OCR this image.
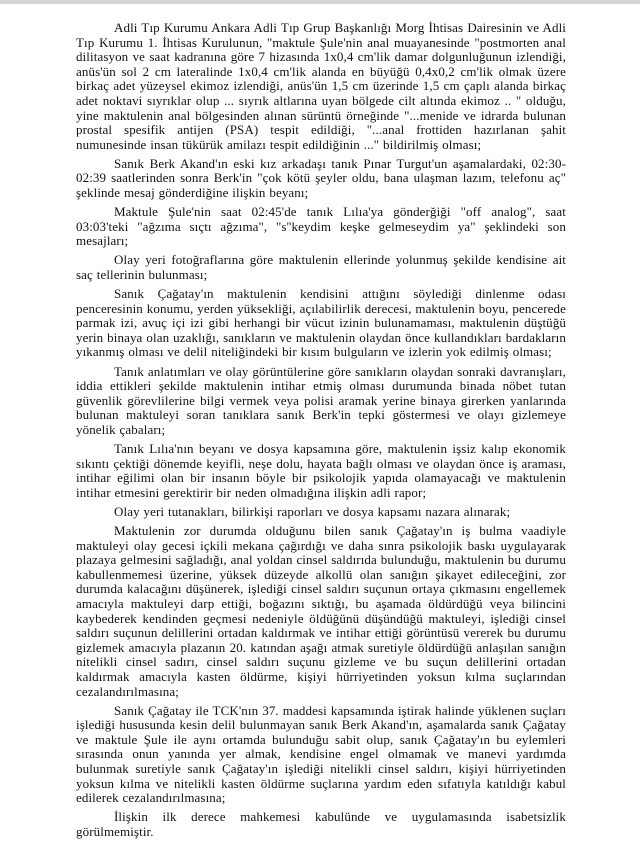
Adli Tıp Kurumu Ankara Adli Tıp Grup Başkanlığı Morg İhtisas Dairesinin ve Adli Tıp Kurumu 1. İhtisas Kurulunun, "maktule Şule'nin anal muayanesinde "postmorten anal dilitasyon ve saat kadranına göre 7 hizasında 1x0,4 cm'lik damar dolgunluğunun izlendiği, anüs'ün sol 2 cm lateralinde 1x0,4 cm'lik alanda en büyüğü 0,4x0,2 cm'lik olmak üzere birkaç adet yüzeysel ekimoz izlendiği, anüs'ün 1,5 cm üzerinde 1,5 cm çaplı alanda birkaç adet noktavi sıyrıklar olup ... sıyrık altlarına uyan bölgede cilt altında ekimoz .. " olduğu, yine maktulenin anal bölgesinden alınan sürüntü örneğinde "...menide ve idrarda bulunan prostal spesifik antijen (PSA) tespit edildiği, "...anal frottiden hazırlanan şahit numunesinde insan tükürük amilazı tespit edildiğinin ..." bildirilmiş olması;

Sanık Berk Akand'ın eski kız arkadaşı tanık Pınar Turgut'un aşamalardaki, 02:30-02:39 saatlerinden sonra Berk'in "çok kötü şeyler oldu, bana ulaşman lazım, telefonu aç" şeklinde mesaj gönderdiğine ilişkin beyanı;

Maktule Şule'nin saat 02:45'de tanık Lılıa'ya gönderğiği "off analog", saat 03:03'teki "ağzıma sıçtı ağzıma", "s''keydim keşke gelmeseydim ya" şeklindeki son mesajları;

Olay yeri fotoğraflarına göre maktulenin ellerinde yolunmuş şekilde kendisine ait saç tellerinin bulunması;

Sanık Çağatay'ın maktulenin kendisini attığını söylediği dinlenme odası penceresinin konumu, yerden yüksekliği, açılabilirlik derecesi, maktulenin boyu, pencerede parmak izi, avuç içi izi gibi herhangi bir vücut izinin bulunamaması, maktulenin düştüğü yerin binaya olan uzaklığı, sanıkların ve maktulenin olaydan önce kullandıkları bardakların yıkanmış olması ve delil niteliğindeki bir kısım bulguların ve izlerin yok edilmiş olması;

Tanık anlatımları ve olay görüntülerine göre sanıkların olaydan sonraki davranışları, iddia ettikleri şekilde maktulenin intihar etmiş olması durumunda binada nöbet tutan güvenlik görevlilerine bilgi vermek veya polisi aramak yerine binaya girerken yanlarında bulunan maktuleyi soran tanıklara sanık Berk'in tepki göstermesi ve olayı gizlemeye yönelik çabaları;

Tanık Lılıa'nın beyanı ve dosya kapsamına göre, maktulenin işsiz kalıp ekonomik sıkıntı çektiği dönemde keyifli, neşe dolu, hayata bağlı olması ve olaydan önce iş araması, intihar eğilimi olan bir insanın böyle bir psikolojik yapıda olamayacağı ve maktulenin intihar etmesini gerektirir bir neden olmadığına ilişkin adli rapor;

Olay yeri tutanakları, bilirkişi raporları ve dosya kapsamı nazara alınarak;

Maktulenin zor durumda olduğunu bilen sanık Çağatay'ın iş bulma vaadiyle maktuleyi olay gecesi içkili mekana çağırdığı ve daha sınra psikolojik baskı uygulayarak plazaya gelmesini sağladığı, anal yoldan cinsel saldırıda bulunduğu, maktulenin bu durumu kabullenmemesi üzerine, yüksek düzeyde alkollü olan sanığın şikayet edileceğini, zor durumda kalacağını düşünerek, işlediği cinsel saldırı suçunun ortaya çıkmasını engellemek amacıyla maktuleyi darp ettiği, boğazını sıktığı, bu aşamada öldürdüğü veya bilincini kaybederek kendinden geçmesi nedeniyle öldüğünü düşündüğü maktuleyi, işlediği cinsel saldırı suçunun delillerini ortadan kaldırmak ve intihar ettiği görüntüsü vererek bu durumu gizlemek amacıyla plazanın 20. katından aşağı atmak suretiyle öldürdüğü anlaşılan sanığın nitelikli cinsel sadırı, cinsel saldırı suçunu gizleme ve bu suçun delillerini ortadan kaldırmak amacıyla kasten öldürme, kişiyi hürriyetinden yoksun kılma suçlarından cezalandırılmasına;

Sanık Çağatay ile TCK'nın 37. maddesi kapsamında iştirak halinde yüklenen suçları işlediği hususunda kesin delil bulunmayan sanık Berk Akand'ın, aşamalarda sanık Çağatay ve maktule Şule ile aynı ortamda bulunduğu sabit olup, sanık Çağatay'ın bu eylemleri sırasında onun yanında yer almak, kendisine engel olmamak ve manevi yardımda bulunmak suretiyle sanık Çağatay'ın işlediği nitelikli cinsel saldırı, kişiyi hürriyetinden yoksun kılma ve nitelikli kasten öldürme suçlarına yardım eden sıfatıyla katıldığı kabul edilerek cezalandırılmasına;

İlişkin ilk derece mahkemesi kabulünde ve uygulamasında isabetsizlik görülmemiştir.
